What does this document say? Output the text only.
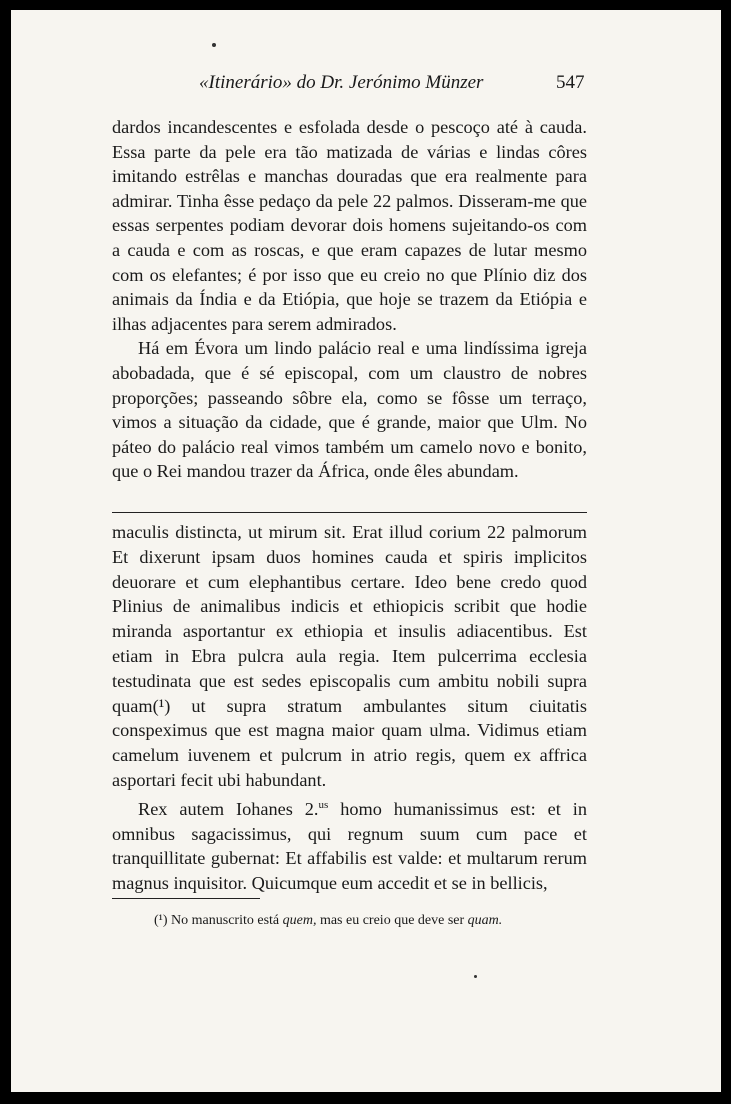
«Itinerário» do Dr. Jerónimo Münzer	547

dardos incandescentes e esfolada desde o pescoço até à cauda. Essa parte da pele era tão matizada de várias e lindas côres imitando estrêlas e manchas douradas que era realmente para admirar. Tinha êsse pedaço da pele 22 palmos. Disseram-me que essas serpentes podiam devorar dois homens sujeitando-os com a cauda e com as roscas, e que eram capazes de lutar mesmo com os elefantes; é por isso que eu creio no que Plínio diz dos animais da Índia e da Etiópia, que hoje se trazem da Etiópia e ilhas adjacentes para serem admirados.

Há em Évora um lindo palácio real e uma lindíssima igreja abobadada, que é sé episcopal, com um claustro de nobres proporções; passeando sôbre ela, como se fôsse um terraço, vimos a situação da cidade, que é grande, maior que Ulm. No páteo do palácio real vimos também um camelo novo e bonito, que o Rei mandou trazer da África, onde êles abundam.

maculis distincta, ut mirum sit. Erat illud corium 22 palmorum Et dixerunt ipsam duos homines cauda et spiris implicitos deuorare et cum elephantibus certare. Ideo bene credo quod Plinius de animalibus indicis et ethiopicis scribit que hodie miranda asportantur ex ethiopia et insulis adiacentibus. Est etiam in Ebra pulcra aula regia. Item pulcerrima ecclesia testudinata que est sedes episcopalis cum ambitu nobili supra quam(¹) ut supra stratum ambulantes situm ciuitatis conspeximus que est magna maior quam ulma. Vidimus etiam camelum iuvenem et pulcrum in atrio regis, quem ex affrica asportari fecit ubi habundant.

Rex autem Iohanes 2.$^{us}$ homo humanissimus est: et in omnibus sagacissimus, qui regnum suum cum pace et tranquillitate gubernat: Et affabilis est valde: et multarum rerum magnus inquisitor. Quicumque eum accedit et se in bellicis,

(¹) No manuscrito está quem, mas eu creio que deve ser quam.
